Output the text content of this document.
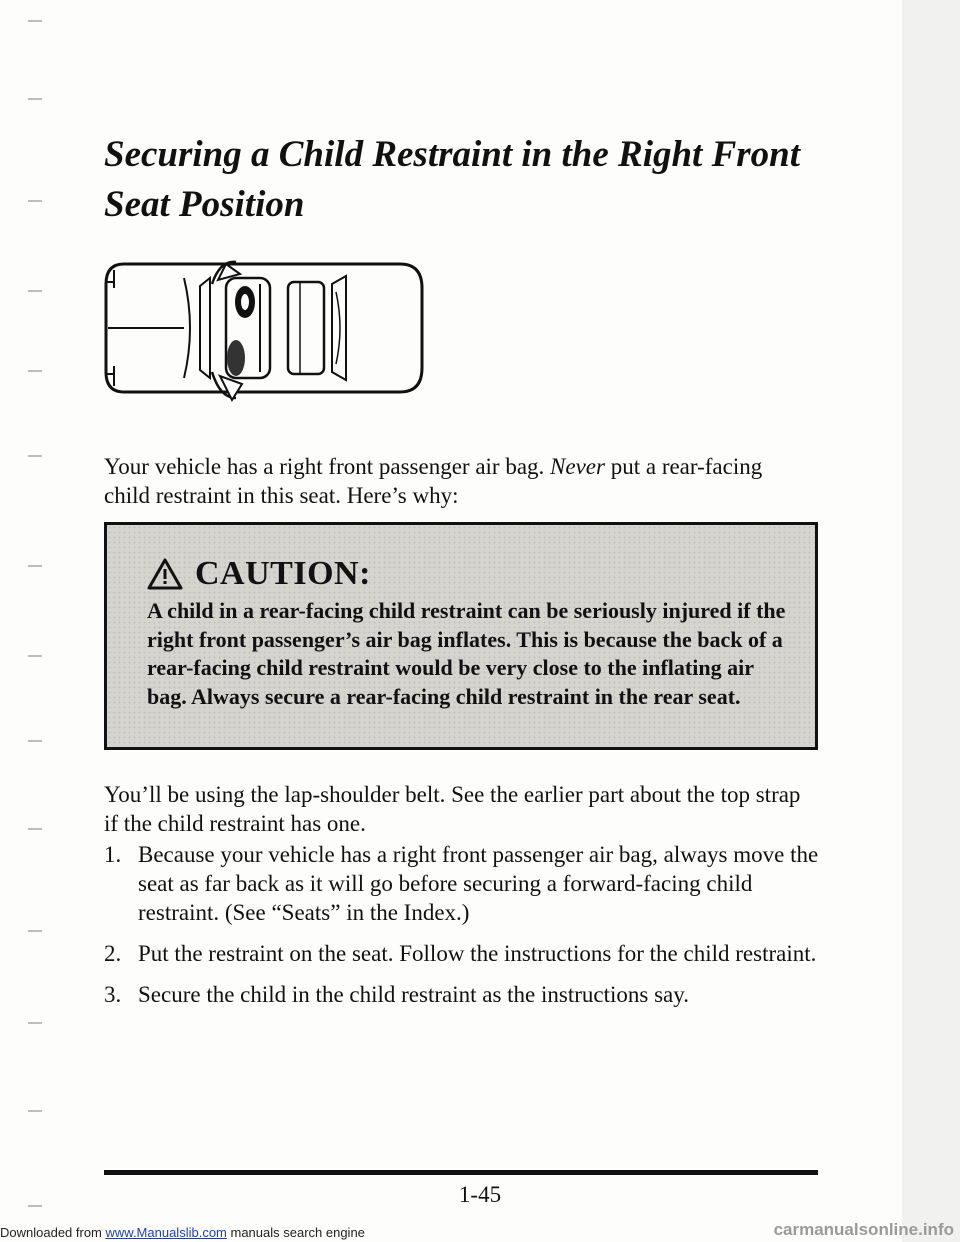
Securing a Child Restraint in the Right Front Seat Position

Your vehicle has a right front passenger air bag. Never put a rear-facing child restraint in this seat. Here’s why:

CAUTION:
A child in a rear-facing child restraint can be seriously injured if the right front passenger’s air bag inflates. This is because the back of a rear-facing child restraint would be very close to the inflating air bag. Always secure a rear-facing child restraint in the rear seat.

You’ll be using the lap-shoulder belt. See the earlier part about the top strap if the child restraint has one.

1. Because your vehicle has a right front passenger air bag, always move the seat as far back as it will go before securing a forward-facing child restraint. (See “Seats” in the Index.)
2. Put the restraint on the seat. Follow the instructions for the child restraint.
3. Secure the child in the child restraint as the instructions say.
1-45
Downloaded from www.Manualslib.com manuals search engine	carmanualsonline.info
